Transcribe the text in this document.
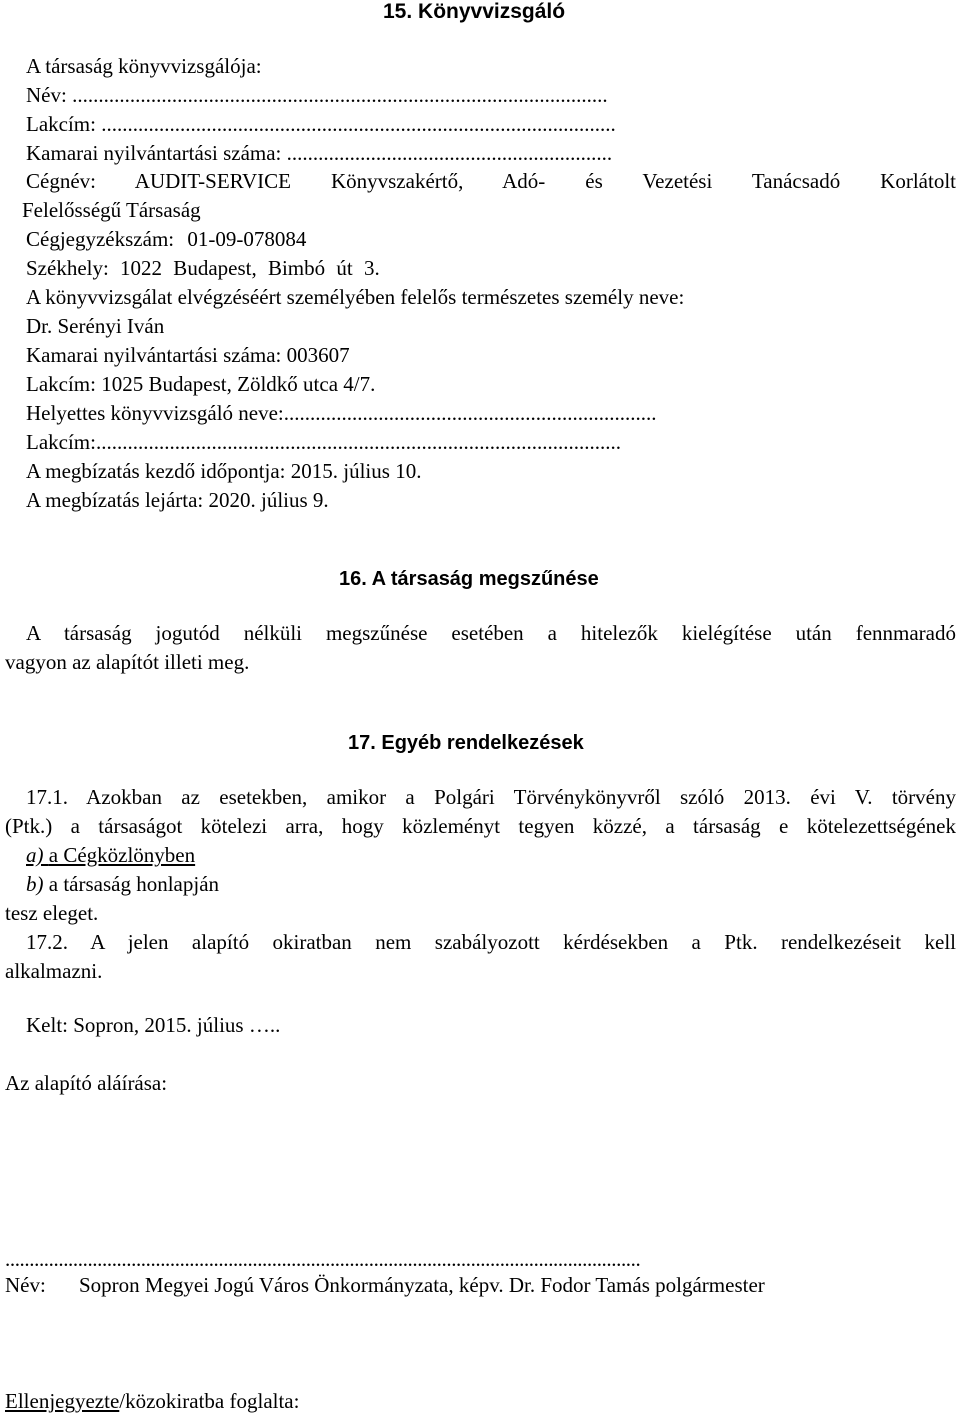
15. Könyvvizsgáló
A társaság könyvvizsgálója:
Név: ......................................................................................................
Lakcím: ..................................................................................................
Kamarai nyilvántartási száma: ..............................................................
Cégnév: AUDIT-SERVICE Könyvszakértő, Adó- és Vezetési Tanácsadó Korlátolt
Felelősségű Társaság
Cégjegyzékszám: 01-09-078084
Székhely: 1022 Budapest, Bimbó út 3.
A könyvvizsgálat elvégzéséért személyében felelős természetes személy neve:
Dr. Serényi Iván
Kamarai nyilvántartási száma: 003607
Lakcím: 1025 Budapest, Zöldkő utca 4/7.
Helyettes könyvvizsgáló neve:.......................................................................
Lakcím:....................................................................................................
A megbízatás kezdő időpontja: 2015. július 10.
A megbízatás lejárta: 2020. július 9.
16. A társaság megszűnése
A társaság jogutód nélküli megszűnése esetében a hitelezők kielégítése után fennmaradó
vagyon az alapítót illeti meg.
17. Egyéb rendelkezések
17.1. Azokban az esetekben, amikor a Polgári Törvénykönyvről szóló 2013. évi V. törvény
(Ptk.) a társaságot kötelezi arra, hogy közleményt tegyen közzé, a társaság e kötelezettségének
a) a Cégközlönyben
b) a társaság honlapján
tesz eleget.
17.2. A jelen alapító okiratban nem szabályozott kérdésekben a Ptk. rendelkezéseit kell
alkalmazni.
Kelt: Sopron, 2015. július …..
Az alapító aláírása:
...................................................................................................................................
Név: Sopron Megyei Jogú Város Önkormányzata, képv. Dr. Fodor Tamás polgármester
Ellenjegyezte/közokiratba foglalta:
